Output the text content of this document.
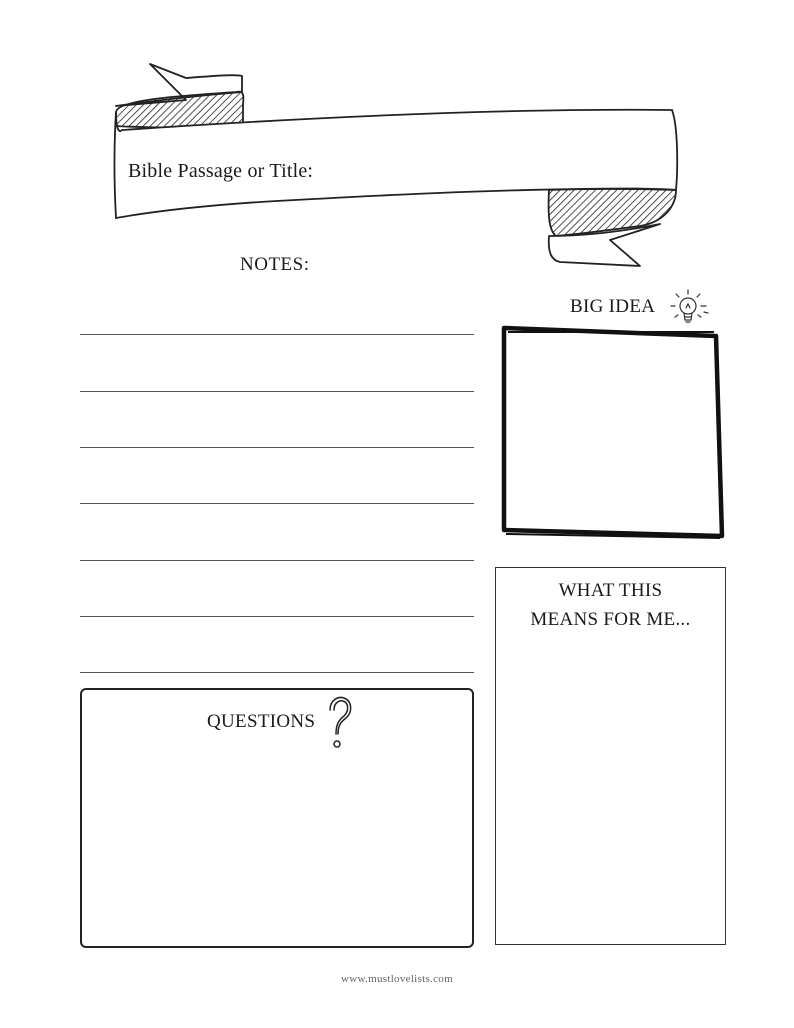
Bible Passage or Title:
NOTES:
BIG IDEA
WHAT THIS
MEANS FOR ME...
QUESTIONS
www.mustlovelists.com
